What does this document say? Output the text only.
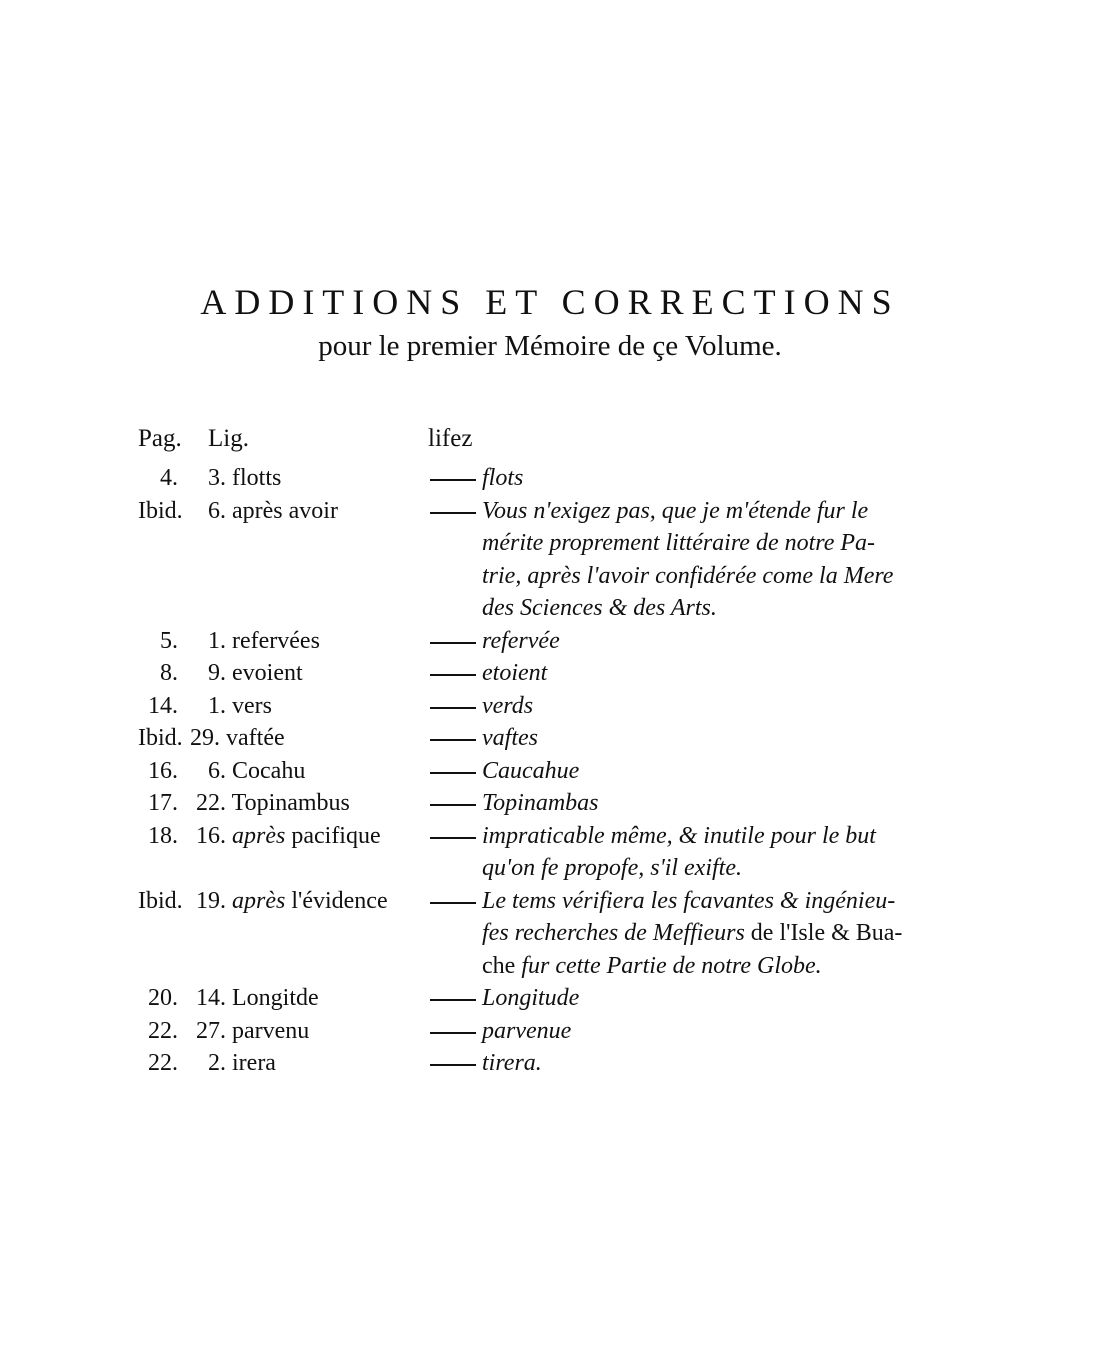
ADDITIONS ET CORRECTIONS
pour le premier Mémoire de çe Volume.
Pag. Lig.	lifez
4. 3. flotts	flots
Ibid.	6. après avoir	Vous n'exigez pas, que je m'étende fur le
mérite proprement littéraire de notre Pa-
trie, après l'avoir confidérée come la Mere
des Sciences & des Arts.
5. 1. refervées	refervée
8. 9. evoient	etoient
14. 1. vers	verds
Ibid. 29. vaftée	vaftes
16. 6. Cocahu	Caucahue
17. 22. Topinambus	Topinambas
18. 16. après pacifique	impraticable même, & inutile pour le but
qu'on fe propofe, s'il exifte.
Ibid. 19. après l'évidence	Le tems vérifiera les fcavantes & ingénieu-
fes recherches de Meffieurs de l'Isle & Bua-
che fur cette Partie de notre Globe.
20. 14. Longitde	Longitude
22. 27. parvenu	parvenue
22. 2. irera	tirera.
